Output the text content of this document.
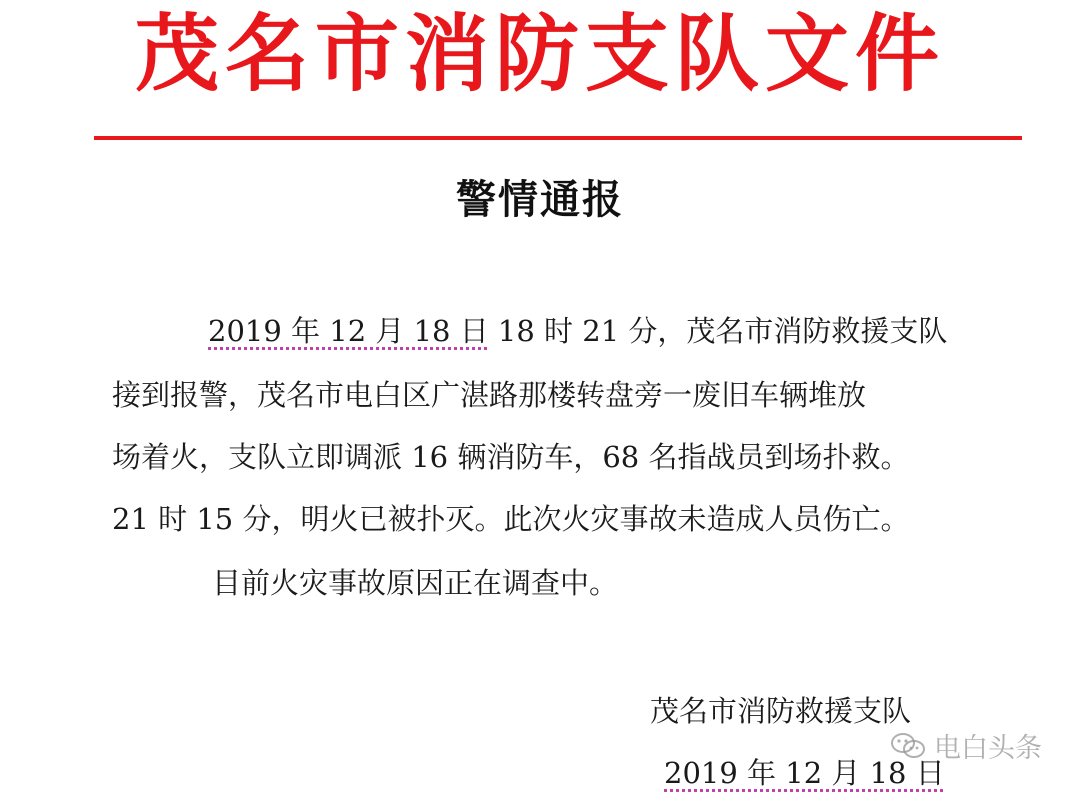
茂名市消防支队文件
警情通报
2019 年 12 月 18 日 18 时 21 分，茂名市消防救援支队
接到报警，茂名市电白区广湛路那楼转盘旁一废旧车辆堆放
场着火，支队立即调派 16 辆消防车，68 名指战员到场扑救。
21 时 15 分，明火已被扑灭。此次火灾事故未造成人员伤亡。
目前火灾事故原因正在调查中。
茂名市消防救援支队
电白头条
2019 年 12 月 18 日
